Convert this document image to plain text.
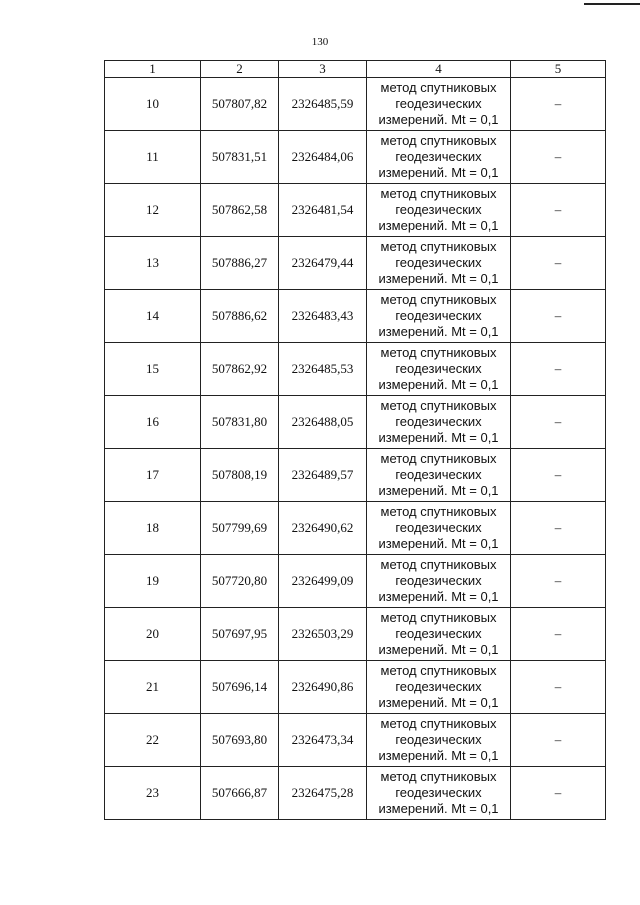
130
1	2	3	4	5
10	507807,82	2326485,59	метод спутниковых
геодезических
измерений. Mt = 0,1	–
11	507831,51	2326484,06	метод спутниковых
геодезических
измерений. Mt = 0,1	–
12	507862,58	2326481,54	метод спутниковых
геодезических
измерений. Mt = 0,1	–
13	507886,27	2326479,44	метод спутниковых
геодезических
измерений. Mt = 0,1	–
14	507886,62	2326483,43	метод спутниковых
геодезических
измерений. Mt = 0,1	–
15	507862,92	2326485,53	метод спутниковых
геодезических
измерений. Mt = 0,1	–
16	507831,80	2326488,05	метод спутниковых
геодезических
измерений. Mt = 0,1	–
17	507808,19	2326489,57	метод спутниковых
геодезических
измерений. Mt = 0,1	–
18	507799,69	2326490,62	метод спутниковых
геодезических
измерений. Mt = 0,1	–
19	507720,80	2326499,09	метод спутниковых
геодезических
измерений. Mt = 0,1	–
20	507697,95	2326503,29	метод спутниковых
геодезических
измерений. Mt = 0,1	–
21	507696,14	2326490,86	метод спутниковых
геодезических
измерений. Mt = 0,1	–
22	507693,80	2326473,34	метод спутниковых
геодезических
измерений. Mt = 0,1	–
23	507666,87	2326475,28	метод спутниковых
геодезических
измерений. Mt = 0,1	–
